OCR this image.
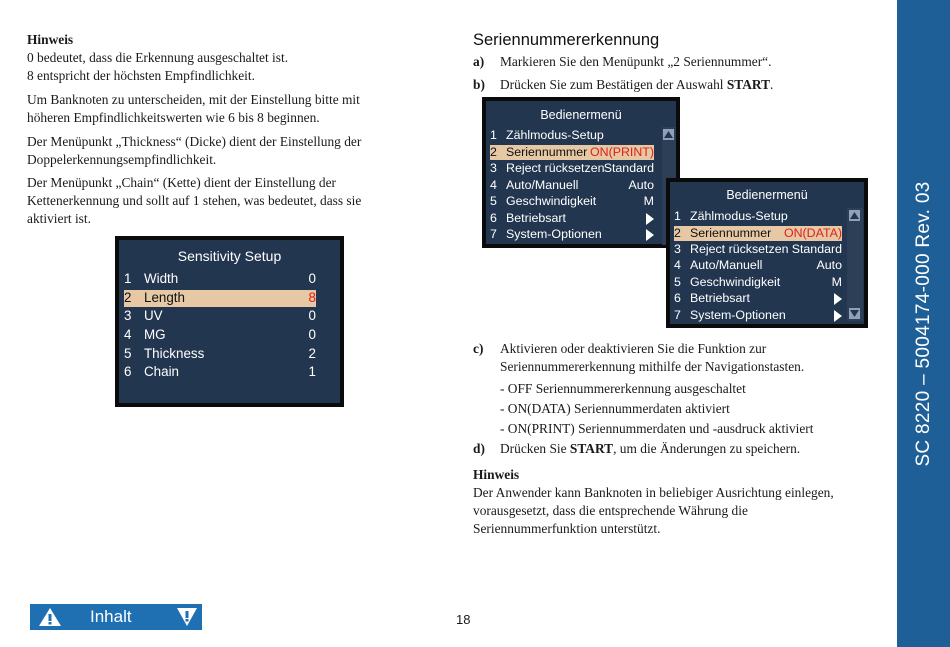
Hinweis

0 bedeutet, dass die Erkennung ausgeschaltet ist.

8 entspricht der höchsten Empfindlichkeit.

Um Banknoten zu unterscheiden, mit der Einstellung bitte mit

höheren Empfindlichkeitswerten wie 6 bis 8 beginnen.

Der Menüpunkt „Thickness“ (Dicke) dient der Einstellung der

Doppelerkennungsempfindlichkeit.

Der Menüpunkt „Chain“ (Kette) dient der Einstellung der

Kettenerkennung und sollt auf 1 stehen, was bedeutet, dass sie

aktiviert ist.

Sensitivity Setup
1 Width	0
2 Length	8
3 UV	0
4 MG	0
5 Thickness	2
6 Chain	1
Seriennummererkennung
a) Markieren Sie den Menüpunkt „2 Seriennummer“.
b) Drücken Sie zum Bestätigen der Auswahl START.
Bedienermenü
1 Zählmodus-Setup
2 Seriennummer ON(PRINT)
3 Reject rücksetzen Standard
4 Auto/Manuell	Auto
5 Geschwindigkeit	M
6 Betriebsart
7 System-Optionen
Bedienermenü
1 Zählmodus-Setup
2 Seriennummer ON(DATA)
3 Reject rücksetzen Standard
4 Auto/Manuell	Auto
5 Geschwindigkeit	M
6 Betriebsart
7 System-Optionen
c) Aktivieren oder deaktivieren Sie die Funktion zur
Seriennummererkennung mithilfe der Navigationstasten.
- OFF Seriennummererkennung ausgeschaltet
- ON(DATA) Seriennummerdaten aktiviert
- ON(PRINT) Seriennummerdaten und -ausdruck aktiviert
d) Drücken Sie START, um die Änderungen zu speichern.

Hinweis

Der Anwender kann Banknoten in beliebiger Ausrichtung einlegen,

vorausgesetzt, dass die entsprechende Währung die

Seriennummerfunktion unterstützt.

Inhalt	18
SC 8220 – 5004174-000 Rev. 03
